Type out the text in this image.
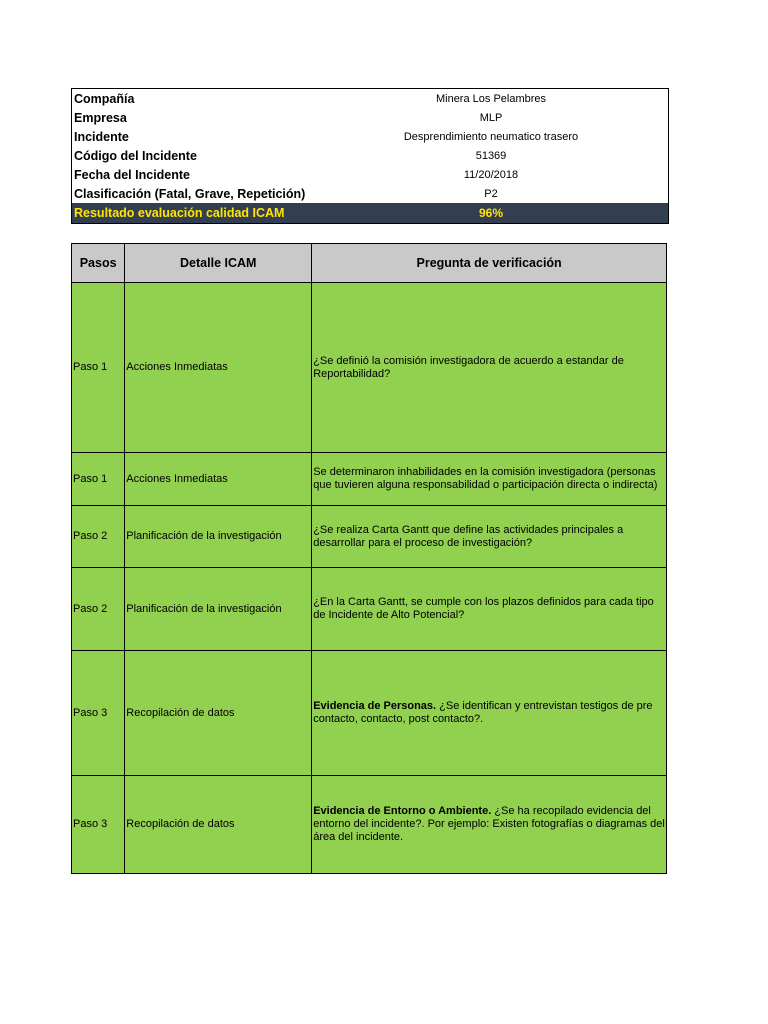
Compañía	Minera Los Pelambres
Empresa	MLP
Incidente	Desprendimiento neumatico trasero
Código del Incidente	51369
Fecha del Incidente	11/20/2018
Clasificación (Fatal, Grave, Repetición)	P2
Resultado evaluación calidad ICAM	96%
Pasos	Detalle ICAM	Pregunta de verificación
Paso 1	Acciones Inmediatas	¿Se definió la comisión investigadora de acuerdo a estandar de Reportabilidad?
Paso 1	Acciones Inmediatas	Se determinaron inhabilidades en la comisión investigadora (personas que tuvieren alguna responsabilidad o participación directa o indirecta)
Paso 2	Planificación de la investigación	¿Se realiza Carta Gantt que define las actividades principales a desarrollar para el proceso de investigación?
Paso 2	Planificación de la investigación	¿En la Carta Gantt, se cumple con los plazos definidos para cada tipo de Incidente de Alto Potencial?
Paso 3	Recopilación de datos	Evidencia de Personas. ¿Se identifican y entrevistan testigos de pre contacto, contacto, post contacto?.
Paso 3	Recopilación de datos	Evidencia de Entorno o Ambiente. ¿Se ha recopilado evidencia del entorno del incidente?. Por ejemplo: Existen fotografías o diagramas del área del incidente.
